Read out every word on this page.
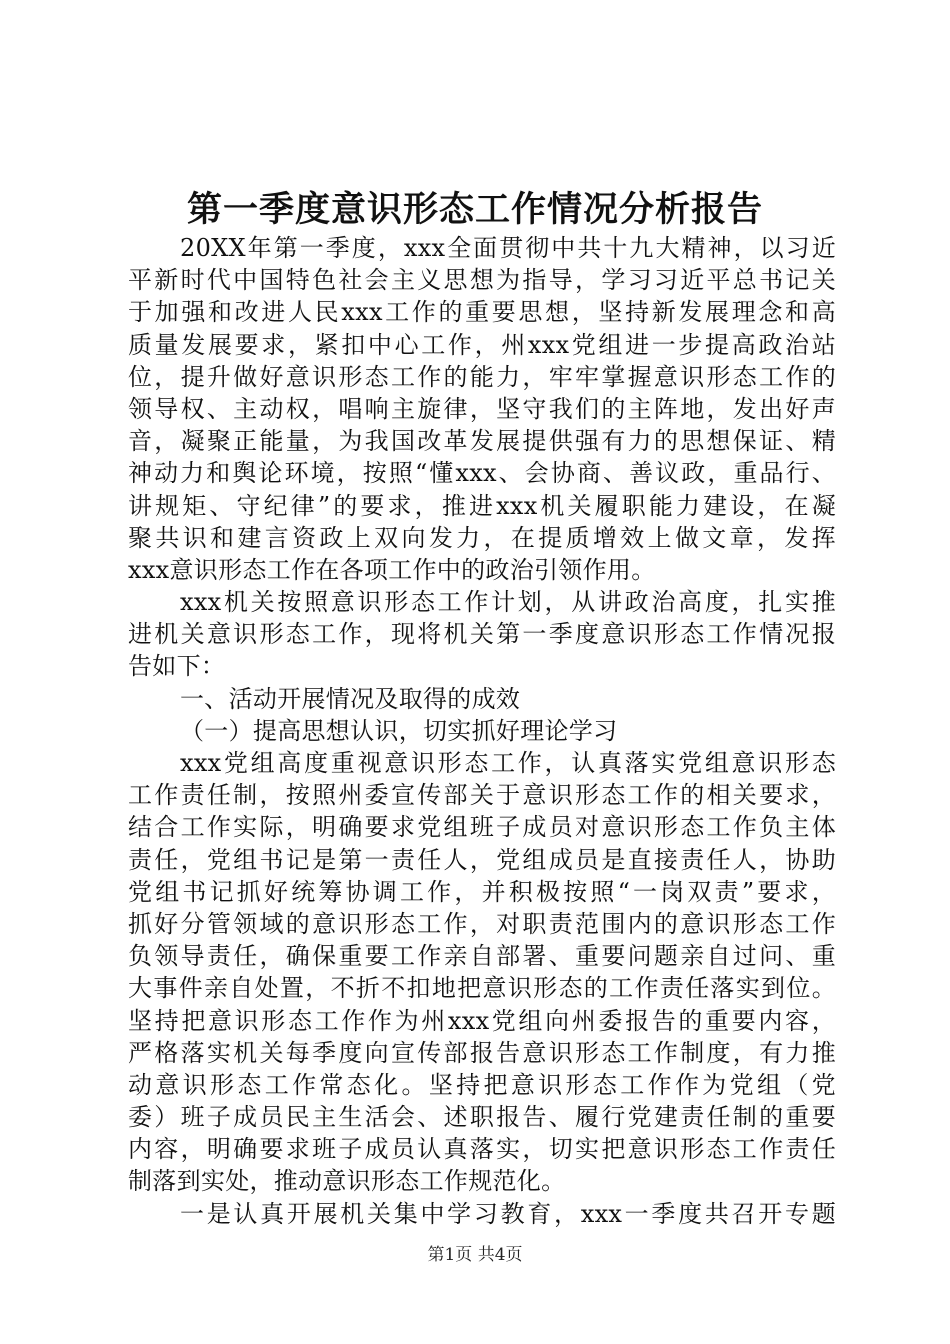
第一季度意识形态工作情况分析报告
20XX年第一季度，xxx全面贯彻中共十九大精神，以习近
平新时代中国特色社会主义思想为指导，学习习近平总书记关
于加强和改进人民xxx工作的重要思想，坚持新发展理念和高
质量发展要求，紧扣中心工作，州xxx党组进一步提高政治站
位，提升做好意识形态工作的能力，牢牢掌握意识形态工作的
领导权、主动权，唱响主旋律，坚守我们的主阵地，发出好声
音，凝聚正能量，为我国改革发展提供强有力的思想保证、精
神动力和舆论环境，按照“懂xxx、会协商、善议政，重品行、
讲规矩、守纪律”的要求，推进xxx机关履职能力建设，在凝
聚共识和建言资政上双向发力，在提质增效上做文章，发挥
xxx意识形态工作在各项工作中的政治引领作用。
xxx机关按照意识形态工作计划，从讲政治高度，扎实推
进机关意识形态工作，现将机关第一季度意识形态工作情况报
告如下：
一、活动开展情况及取得的成效
（一）提高思想认识，切实抓好理论学习
xxx党组高度重视意识形态工作，认真落实党组意识形态
工作责任制，按照州委宣传部关于意识形态工作的相关要求，
结合工作实际，明确要求党组班子成员对意识形态工作负主体
责任，党组书记是第一责任人，党组成员是直接责任人，协助
党组书记抓好统筹协调工作，并积极按照“一岗双责”要求，
抓好分管领域的意识形态工作，对职责范围内的意识形态工作
负领导责任，确保重要工作亲自部署、重要问题亲自过问、重
大事件亲自处置，不折不扣地把意识形态的工作责任落实到位。
坚持把意识形态工作作为州xxx党组向州委报告的重要内容，
严格落实机关每季度向宣传部报告意识形态工作制度，有力推
动意识形态工作常态化。坚持把意识形态工作作为党组（党
委）班子成员民主生活会、述职报告、履行党建责任制的重要
内容，明确要求班子成员认真落实，切实把意识形态工作责任
制落到实处，推动意识形态工作规范化。
一是认真开展机关集中学习教育，xxx一季度共召开专题
第1页 共4页
